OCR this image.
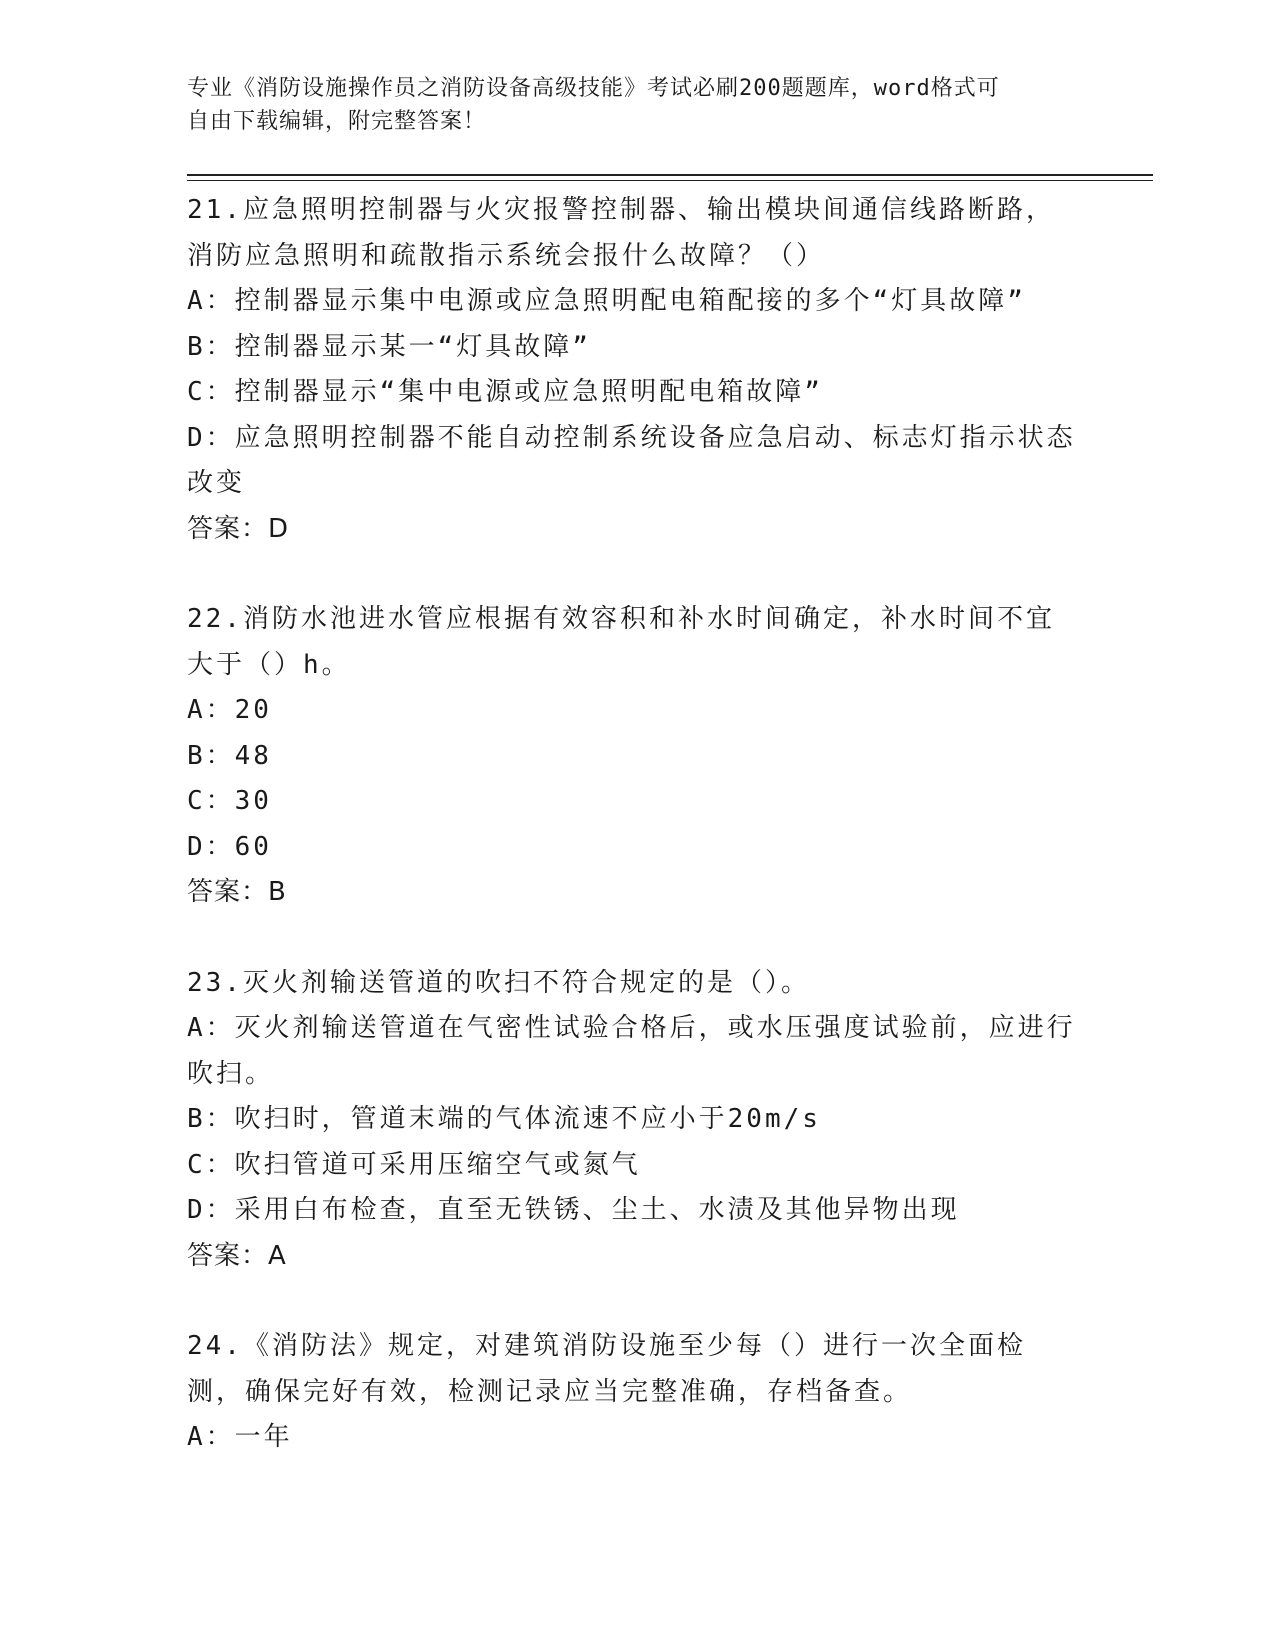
专业《消防设施操作员之消防设备高级技能》考试必刷200题题库，word格式可
自由下载编辑，附完整答案！

21.应急照明控制器与火灾报警控制器、输出模块间通信线路断路，消防应急照明和疏散指示系统会报什么故障？（）

A：控制器显示集中电源或应急照明配电箱配接的多个“灯具故障”

B：控制器显示某一“灯具故障”

C：控制器显示“集中电源或应急照明配电箱故障”

D：应急照明控制器不能自动控制系统设备应急启动、标志灯指示状态改变

答案：D

22.消防水池进水管应根据有效容积和补水时间确定，补水时间不宜大于（）h。

A：20

B：48

C：30

D：60

答案：B

23.灭火剂输送管道的吹扫不符合规定的是（）。

A：灭火剂输送管道在气密性试验合格后，或水压强度试验前，应进行吹扫。

B：吹扫时，管道末端的气体流速不应小于20m/s

C：吹扫管道可采用压缩空气或氮气

D：采用白布检查，直至无铁锈、尘土、水渍及其他异物出现

答案：A

24.《消防法》规定，对建筑消防设施至少每（）进行一次全面检测，确保完好有效，检测记录应当完整准确，存档备查。

A：一年
